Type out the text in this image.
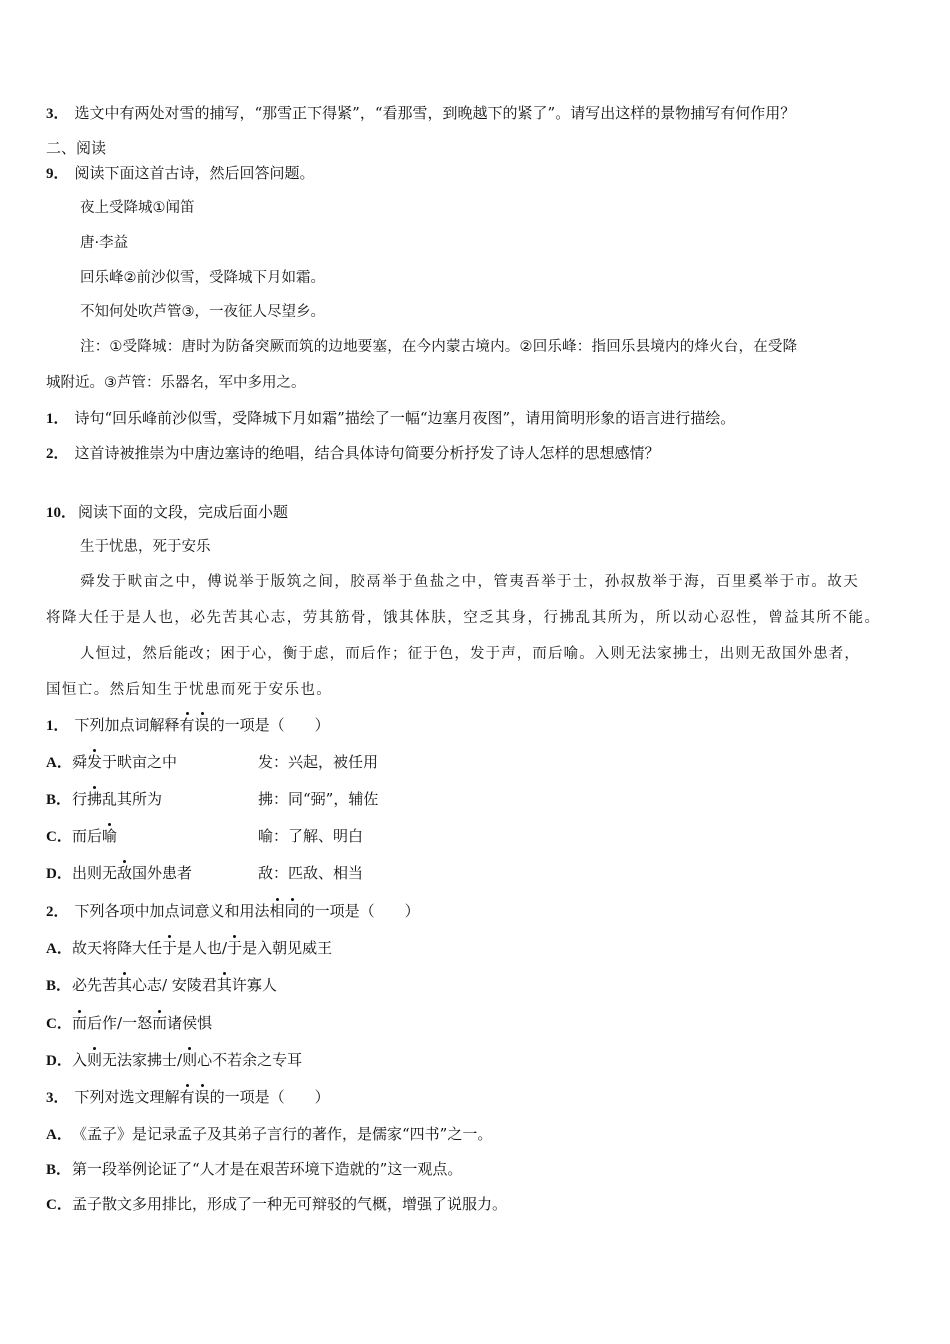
3． 选文中有两处对雪的捕写，“那雪正下得紧”，“看那雪，到晚越下的紧了”。请写出这样的景物捕写有何作用？
二、阅读
9． 阅读下面这首古诗，然后回答问题。
夜上受降城①闻笛
唐·李益
回乐峰②前沙似雪，受降城下月如霜。
不知何处吹芦管③，一夜征人尽望乡。
注：①受降城：唐时为防备突厥而筑的边地要塞，在今内蒙古境内。②回乐峰：指回乐县境内的烽火台，在受降
城附近。③芦管：乐器名，军中多用之。
1． 诗句“回乐峰前沙似雪，受降城下月如霜”描绘了一幅“边塞月夜图”，请用简明形象的语言进行描绘。
2． 这首诗被推崇为中唐边塞诗的绝唱，结合具体诗句简要分析抒发了诗人怎样的思想感情？
10． 阅读下面的文段，完成后面小题
生于忧患，死于安乐
舜发于畎亩之中，傅说举于版筑之间，胶鬲举于鱼盐之中，管夷吾举于士，孙叔敖举于海，百里奚举于市。故天
将降大任于是人也，必先苦其心志，劳其筋骨，饿其体肤，空乏其身，行拂乱其所为，所以动心忍性，曾益其所不能。
人恒过，然后能改；困于心，衡于虑，而后作；征于色，发于声，而后喻。入则无法家拂士，出则无敌国外患者，
国恒亡。然后知生于忧患而死于安乐也。
1． 下列加点词解释有误的一项是（　　）
A．舜发于畎亩之中	发：兴起，被任用
B．行拂乱其所为	拂：同“弼”，辅佐
C．而后喻	喻：了解、明白
D．出则无敌国外患者	敌：匹敌、相当
2． 下列各项中加点词意义和用法相同的一项是（　　）
A．故天将降大任于是人也/于是入朝见威王
B．必先苦其心志/ 安陵君其许寡人
C．而后作/一怒而诸侯惧
D．入则无法家拂士/则心不若余之专耳
3． 下列对选文理解有误的一项是（　　）
A．《孟子》是记录孟子及其弟子言行的著作，是儒家“四书”之一。
B．第一段举例论证了“人才是在艰苦环境下造就的”这一观点。
C．孟子散文多用排比，形成了一种无可辩驳的气概，增强了说服力。
